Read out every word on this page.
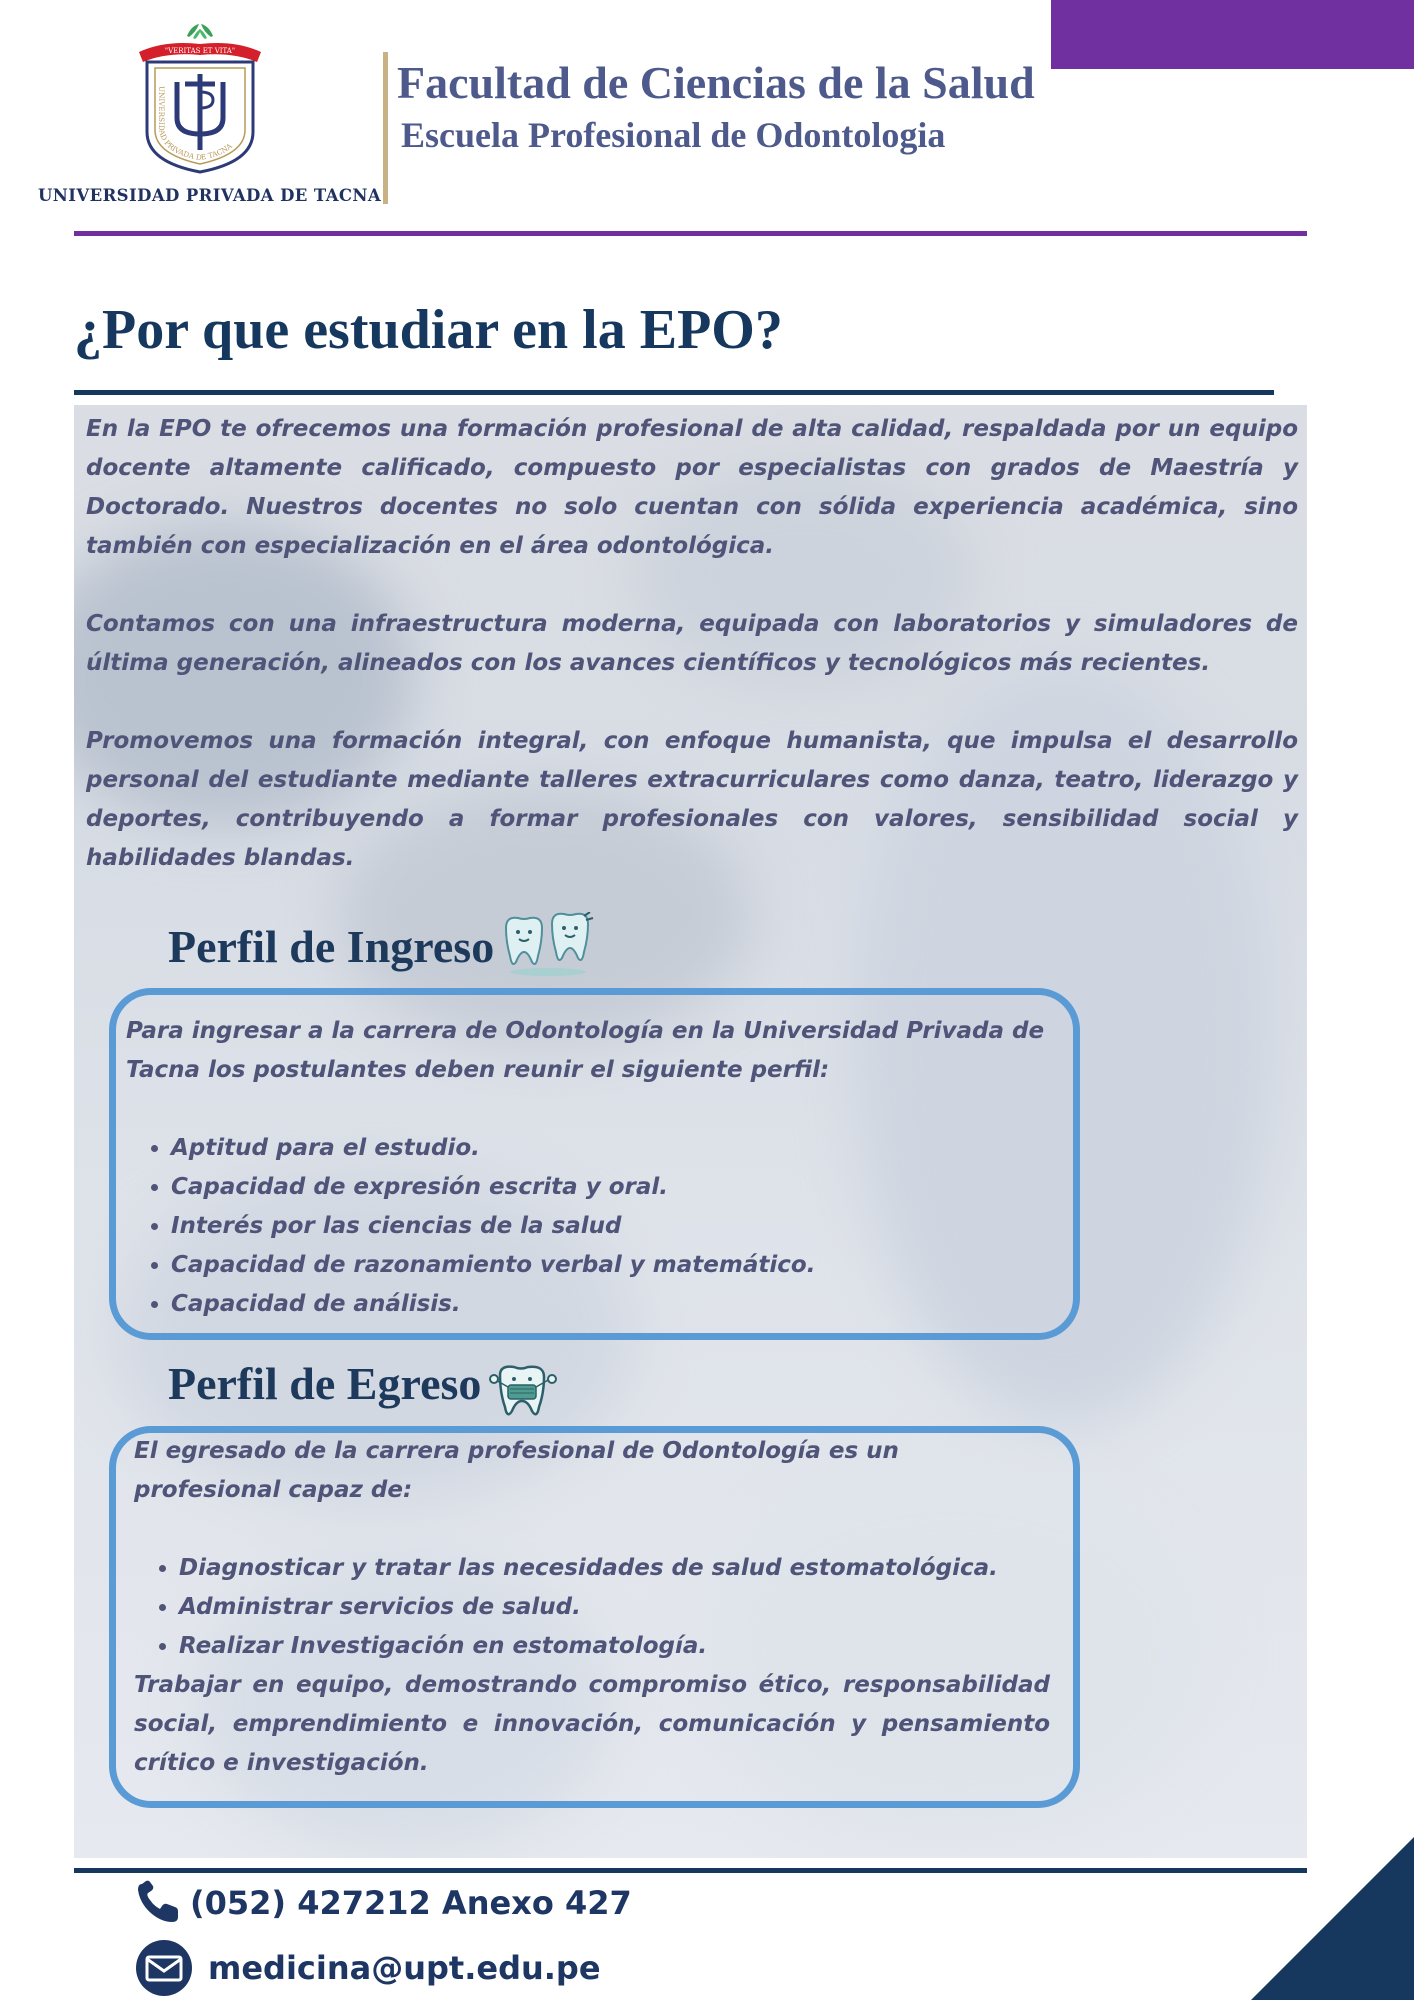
"VERITAS ET VITA"
UNIVERSIDAD PRIVADA DE TACNA
UNIVERSIDAD PRIVADA DE TACNA
Facultad de Ciencias de la Salud
Escuela Profesional de Odontologia
¿Por que estudiar en la EPO?

En la EPO te ofrecemos una formación profesional de alta calidad, respaldada por un equipo docente altamente calificado, compuesto por especialistas con grados de Maestría y Doctorado. Nuestros docentes no solo cuentan con sólida experiencia académica, sino también con especialización en el área odontológica.

Contamos con una infraestructura moderna, equipada con laboratorios y simuladores de última generación, alineados con los avances científicos y tecnológicos más recientes.

Promovemos una formación integral, con enfoque humanista, que impulsa el desarrollo personal del estudiante mediante talleres extracurriculares como danza, teatro, liderazgo y deportes, contribuyendo a formar profesionales con valores, sensibilidad social y habilidades blandas.

Perfil de Ingreso

Para ingresar a la carrera de Odontología en la Universidad Privada de Tacna los postulantes deben reunir el siguiente perfil:

• Aptitud para el estudio.
• Capacidad de expresión escrita y oral.
• Interés por las ciencias de la salud
• Capacidad de razonamiento verbal y matemático.
• Capacidad de análisis.
Perfil de Egreso

El egresado de la carrera profesional de Odontología es un profesional capaz de:

• Diagnosticar y tratar las necesidades de salud estomatológica.
• Administrar servicios de salud.
• Realizar Investigación en estomatología.

Trabajar en equipo, demostrando compromiso ético, responsabilidad social, emprendimiento e innovación, comunicación y pensamiento crítico e investigación.

(052) 427212 Anexo 427
medicina@upt.edu.pe
